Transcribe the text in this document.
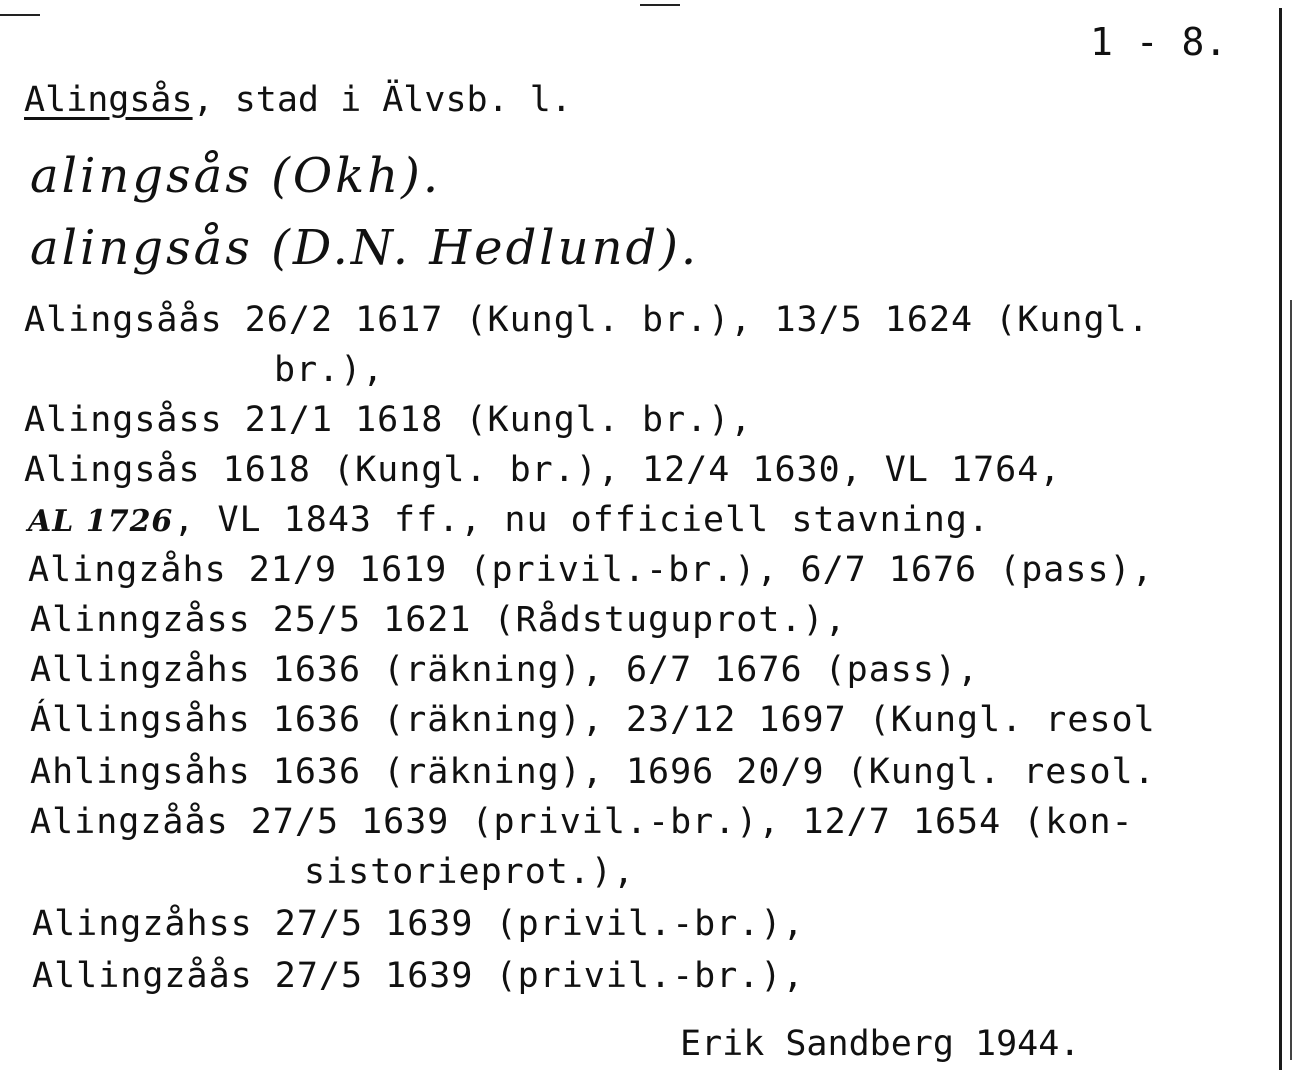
1 - 8.
Alingsås, stad i Älvsb. l.
alingsås (Okh).
alingsås (D.N. Hedlund).
Alingsåås 26/2 1617 (Kungl. br.), 13/5 1624 (Kungl.
br.),
Alingsåss 21/1 1618 (Kungl. br.),
Alingsås 1618 (Kungl. br.), 12/4 1630, VL 1764,
AL 1726, VL 1843 ff., nu officiell stavning.
Alingzåhs 21/9 1619 (privil.-br.), 6/7 1676 (pass),
Alinngzåss 25/5 1621 (Rådstuguprot.),
Allingzåhs 1636 (räkning), 6/7 1676 (pass),
Állingsåhs 1636 (räkning), 23/12 1697 (Kungl. resol
Ahlingsåhs 1636 (räkning), 1696 20/9 (Kungl. resol.
Alingzåås 27/5 1639 (privil.-br.), 12/7 1654 (kon-
sistorieprot.),
Alingzåhss 27/5 1639 (privil.-br.),
Allingzåås 27/5 1639 (privil.-br.),
Erik Sandberg 1944.
